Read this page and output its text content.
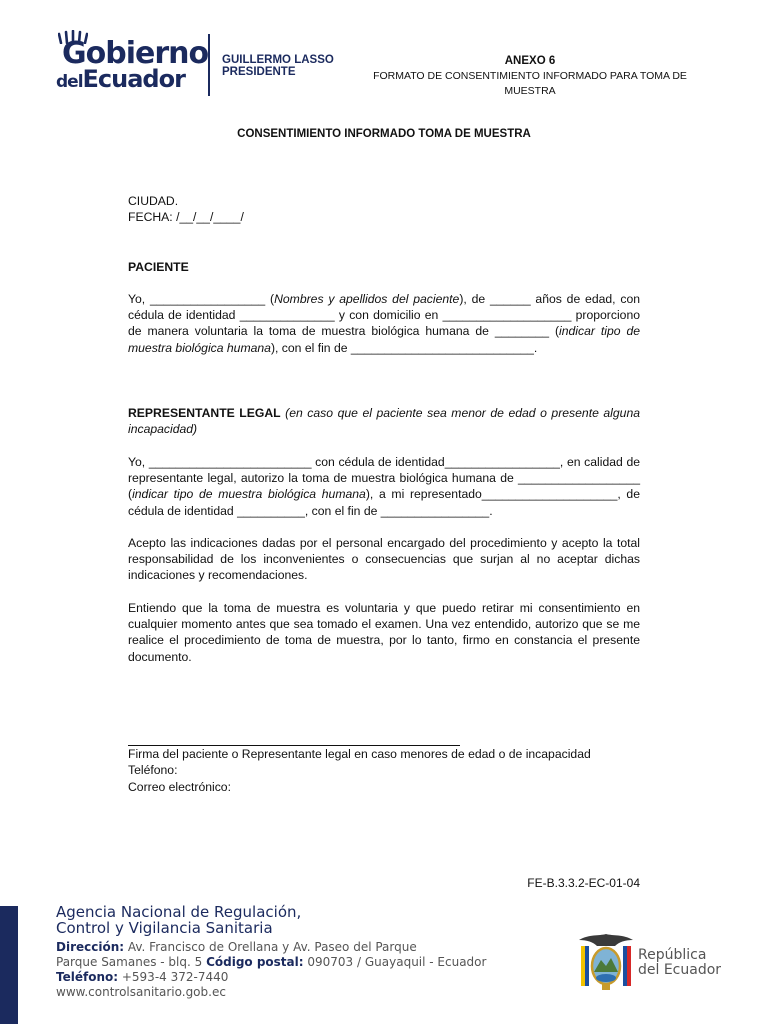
Gobierno
delEcuador
GUILLERMO LASSO
PRESIDENTE
ANEXO 6
FORMATO DE CONSENTIMIENTO INFORMADO PARA TOMA DE MUESTRA
CONSENTIMIENTO INFORMADO TOMA DE MUESTRA

CIUDAD.

FECHA: /__/__/____/

PACIENTE

Yo, _________________ (Nombres y apellidos del paciente), de ______ años de edad, con cédula de identidad ______________ y con domicilio en ___________________ proporciono de manera voluntaria la toma de muestra biológica humana de ________ (indicar tipo de muestra biológica humana), con el fin de ___________________________.

REPRESENTANTE LEGAL (en caso que el paciente sea menor de edad o presente alguna incapacidad)

Yo, ________________________ con cédula de identidad_________________, en calidad de representante legal, autorizo la toma de muestra biológica humana de __________________ (indicar tipo de muestra biológica humana), a mi representado____________________, de cédula de identidad __________, con el fin de ________________.

Acepto las indicaciones dadas por el personal encargado del procedimiento y acepto la total responsabilidad de los inconvenientes o consecuencias que surjan al no aceptar dichas indicaciones y recomendaciones.

Entiendo que la toma de muestra es voluntaria y que puedo retirar mi consentimiento en cualquier momento antes que sea tomado el examen. Una vez entendido, autorizo que se me realice el procedimiento de toma de muestra, por lo tanto, firmo en constancia el presente documento.

Firma del paciente o Representante legal en caso menores de edad o de incapacidad

Teléfono:

Correo electrónico:

FE-B.3.3.2-EC-01-04
Agencia Nacional de Regulación,
Control y Vigilancia Sanitaria
Dirección: Av. Francisco de Orellana y Av. Paseo del Parque
Parque Samanes - blq. 5 Código postal: 090703 / Guayaquil - Ecuador
Teléfono: +593-4 372-7440
www.controlsanitario.gob.ec
República
del Ecuador
